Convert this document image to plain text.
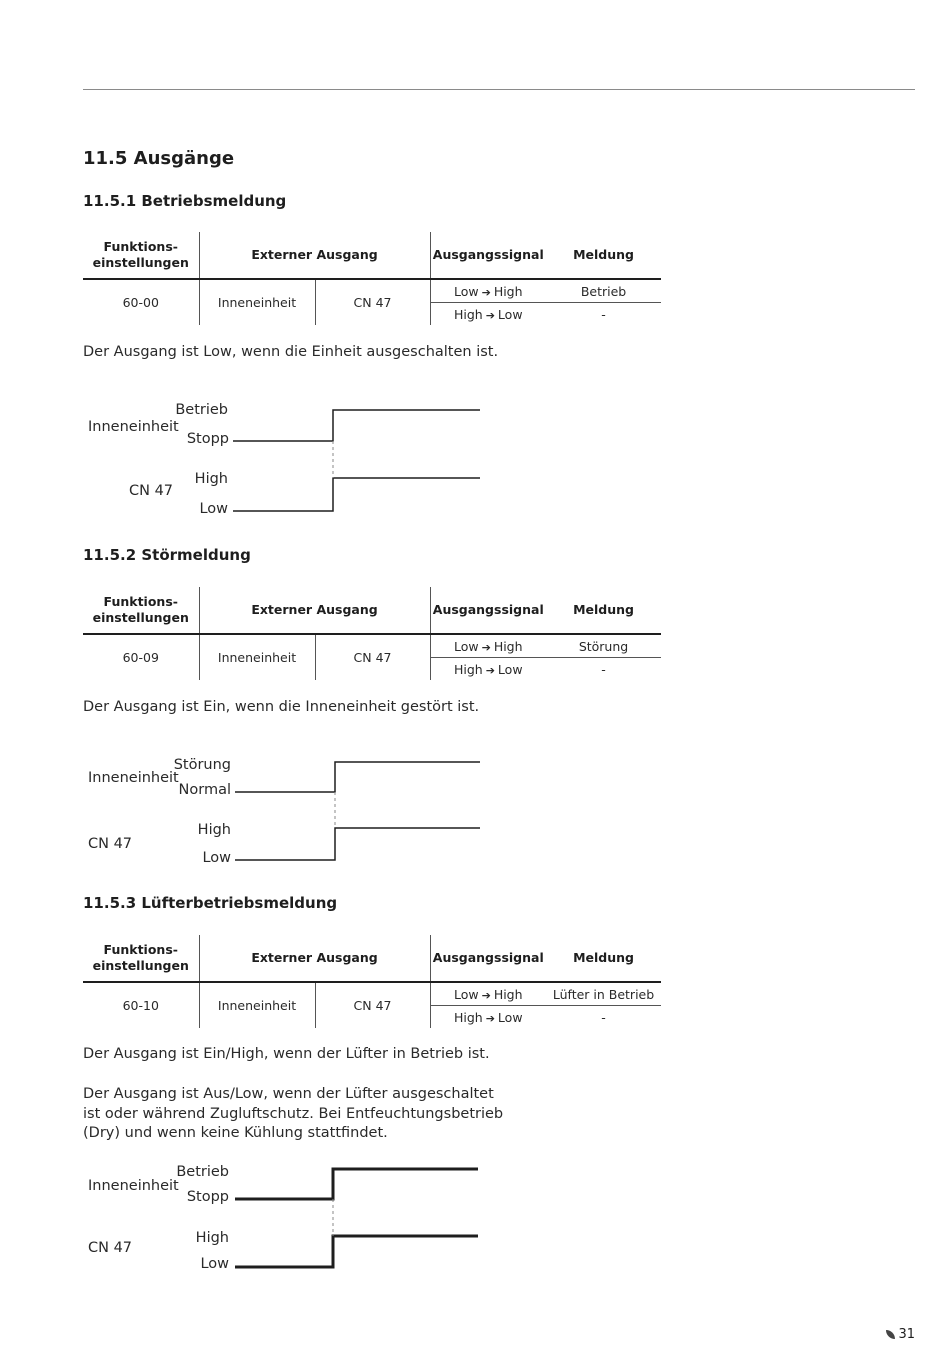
11.5 Ausgänge
11.5.1 Betriebsmeldung
Funktions-
einstellungen	Externer Ausgang		Ausgangssignal	Meldung
60-00	Inneneinheit	CN 47	Low ➔ High	Betrieb
			High ➔ Low	-
Der Ausgang ist Low, wenn die Einheit ausgeschalten ist.
Inneneinheit
Betrieb
Stopp
CN 47
High
Low
11.5.2 Störmeldung
Funktions-
einstellungen	Externer Ausgang		Ausgangssignal	Meldung
60-09	Inneneinheit	CN 47	Low ➔ High	Störung
			High ➔ Low	-
Der Ausgang ist Ein, wenn die Inneneinheit gestört ist.
Inneneinheit
Störung
Normal
CN 47
High
Low
11.5.3 Lüfterbetriebsmeldung
Funktions-
einstellungen	Externer Ausgang		Ausgangssignal	Meldung
60-10	Inneneinheit	CN 47	Low ➔ High	Lüfter in Betrieb
			High ➔ Low	-
Der Ausgang ist Ein/High, wenn der Lüfter in Betrieb ist.
Der Ausgang ist Aus/Low, wenn der Lüfter ausgeschaltet
ist oder während Zugluftschutz. Bei Entfeuchtungsbetrieb
(Dry) und wenn keine Kühlung stattfindet.
Inneneinheit
Betrieb
Stopp
CN 47
High
Low
31
